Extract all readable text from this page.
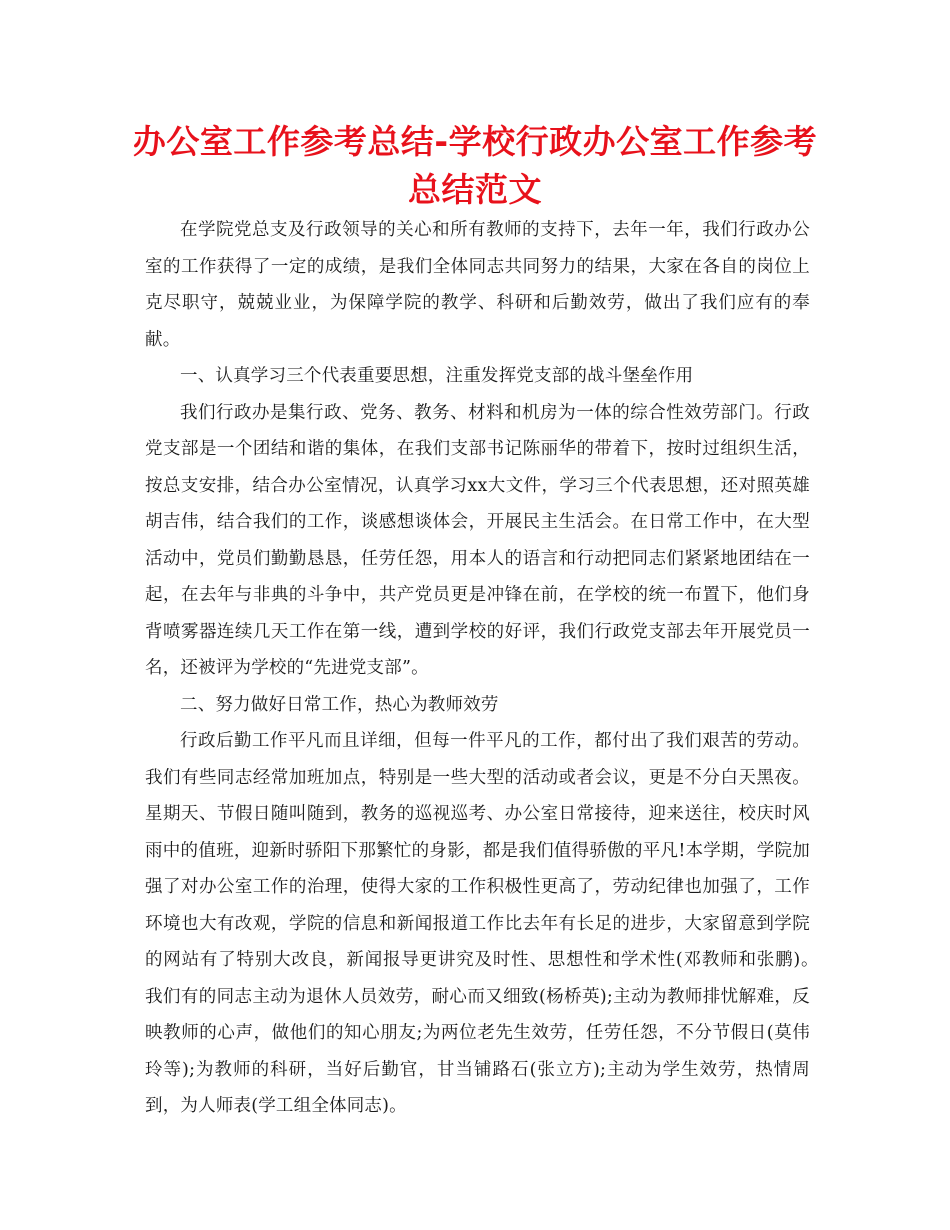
办公室工作参考总结-学校行政办公室工作参考总结范文

在学院党总支及行政领导的关心和所有教师的支持下，去年一年，我们行政办公室的工作获得了一定的成绩，是我们全体同志共同努力的结果，大家在各自的岗位上克尽职守，兢兢业业，为保障学院的教学、科研和后勤效劳，做出了我们应有的奉献。

一、认真学习三个代表重要思想，注重发挥党支部的战斗堡垒作用

我们行政办是集行政、党务、教务、材料和机房为一体的综合性效劳部门。行政党支部是一个团结和谐的集体，在我们支部书记陈丽华的带着下，按时过组织生活，按总支安排，结合办公室情况，认真学习xx大文件，学习三个代表思想，还对照英雄胡吉伟，结合我们的工作，谈感想谈体会，开展民主生活会。在日常工作中，在大型活动中，党员们勤勤恳恳，任劳任怨，用本人的语言和行动把同志们紧紧地团结在一起，在去年与非典的斗争中，共产党员更是冲锋在前，在学校的统一布置下，他们身背喷雾器连续几天工作在第一线，遭到学校的好评，我们行政党支部去年开展党员一名，还被评为学校的“先进党支部”。

二、努力做好日常工作，热心为教师效劳

行政后勤工作平凡而且详细，但每一件平凡的工作，都付出了我们艰苦的劳动。我们有些同志经常加班加点，特别是一些大型的活动或者会议，更是不分白天黑夜。星期天、节假日随叫随到，教务的巡视巡考、办公室日常接待，迎来送往，校庆时风雨中的值班，迎新时骄阳下那繁忙的身影，都是我们值得骄傲的平凡!本学期，学院加强了对办公室工作的治理，使得大家的工作积极性更高了，劳动纪律也加强了，工作环境也大有改观，学院的信息和新闻报道工作比去年有长足的进步，大家留意到学院的网站有了特别大改良，新闻报导更讲究及时性、思想性和学术性(邓教师和张鹏)。　　我们有的同志主动为退休人员效劳，耐心而又细致(杨桥英);主动为教师排忧解难，反映教师的心声，做他们的知心朋友;为两位老先生效劳，任劳任怨，不分节假日(莫伟玲等);为教师的科研，当好后勤官，甘当铺路石(张立方);主动为学生效劳，热情周到，为人师表(学工组全体同志)。
